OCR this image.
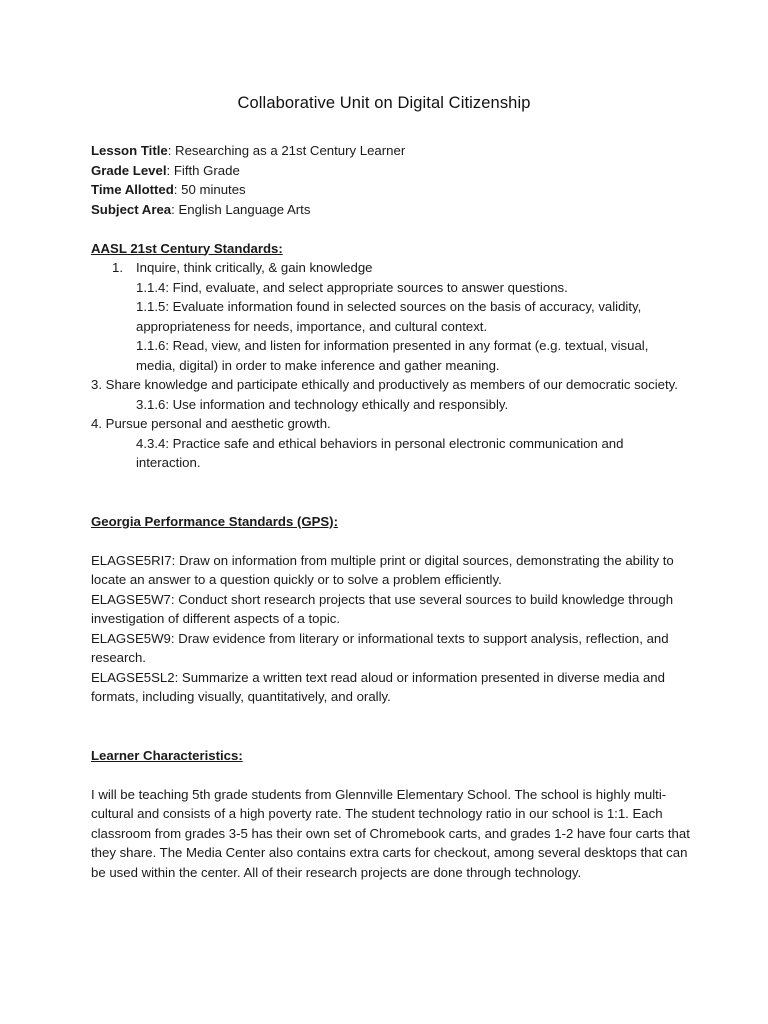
Collaborative Unit on Digital Citizenship

Lesson Title: Researching as a 21st Century Learner

Grade Level: Fifth Grade

Time Allotted: 50 minutes

Subject Area: English Language Arts

AASL 21st Century Standards:

1. Inquire, think critically, & gain knowledge

1.1.4: Find, evaluate, and select appropriate sources to answer questions.

1.1.5: Evaluate information found in selected sources on the basis of accuracy, validity, appropriateness for needs, importance, and cultural context.

1.1.6: Read, view, and listen for information presented in any format (e.g. textual, visual, media, digital) in order to make inference and gather meaning.

3. Share knowledge and participate ethically and productively as members of our democratic society.

3.1.6: Use information and technology ethically and responsibly.

4. Pursue personal and aesthetic growth.

4.3.4: Practice safe and ethical behaviors in personal electronic communication and interaction.

Georgia Performance Standards (GPS):

ELAGSE5RI7: Draw on information from multiple print or digital sources, demonstrating the ability to locate an answer to a question quickly or to solve a problem efficiently.

ELAGSE5W7: Conduct short research projects that use several sources to build knowledge through investigation of different aspects of a topic.

ELAGSE5W9: Draw evidence from literary or informational texts to support analysis, reflection, and research.

ELAGSE5SL2: Summarize a written text read aloud or information presented in diverse media and formats, including visually, quantitatively, and orally.

Learner Characteristics:

I will be teaching 5th grade students from Glennville Elementary School. The school is highly multi-cultural and consists of a high poverty rate. The student technology ratio in our school is 1:1. Each classroom from grades 3-5 has their own set of Chromebook carts, and grades 1-2 have four carts that they share. The Media Center also contains extra carts for checkout, among several desktops that can be used within the center. All of their research projects are done through technology.
